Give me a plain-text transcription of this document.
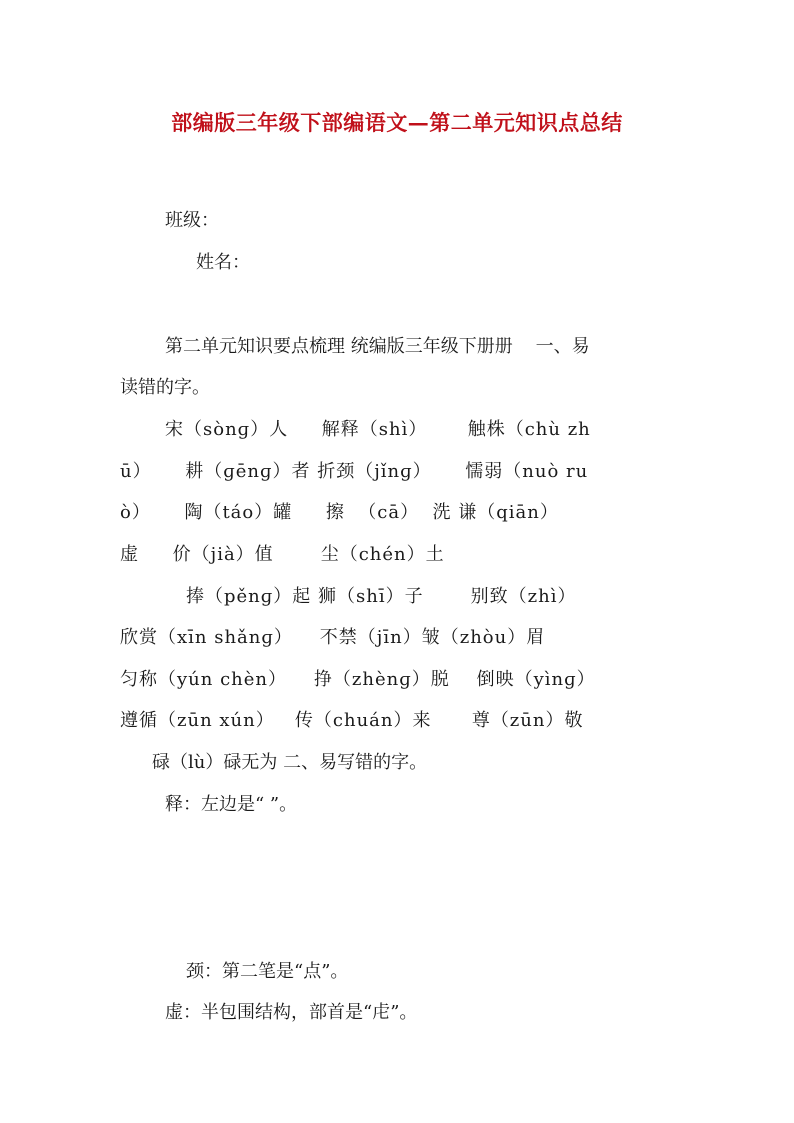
部编版三年级下部编语文—第二单元知识点总结
班级：
姓名：
第二单元知识要点梳理 统编版三年级下册册    一、易
读错的字。
宋（sònɡ）人     解释（shì）      触株（chù zh
ū）     耕（ɡēnɡ）者 折颈（jǐnɡ）     懦弱（nuò ru
ò）     陶（táo）罐     擦  （cā）  洗 谦（qiān）
虚     价（jià）值       尘（chén）土
捧（pěnɡ）起 狮（shī）子       别致（zhì）
欣赏（xīn shǎnɡ）    不禁（jīn）皱（zhòu）眉
匀称（yún chèn）    挣（zhènɡ）脱    倒映（yìnɡ）
遵循（zūn xún）   传（chuán）来      尊（zūn）敬
碌（lù）碌无为 二、易写错的字。
释：左边是“ ”。
颈：第二笔是“点”。
虚：半包围结构，部首是“虍”。
